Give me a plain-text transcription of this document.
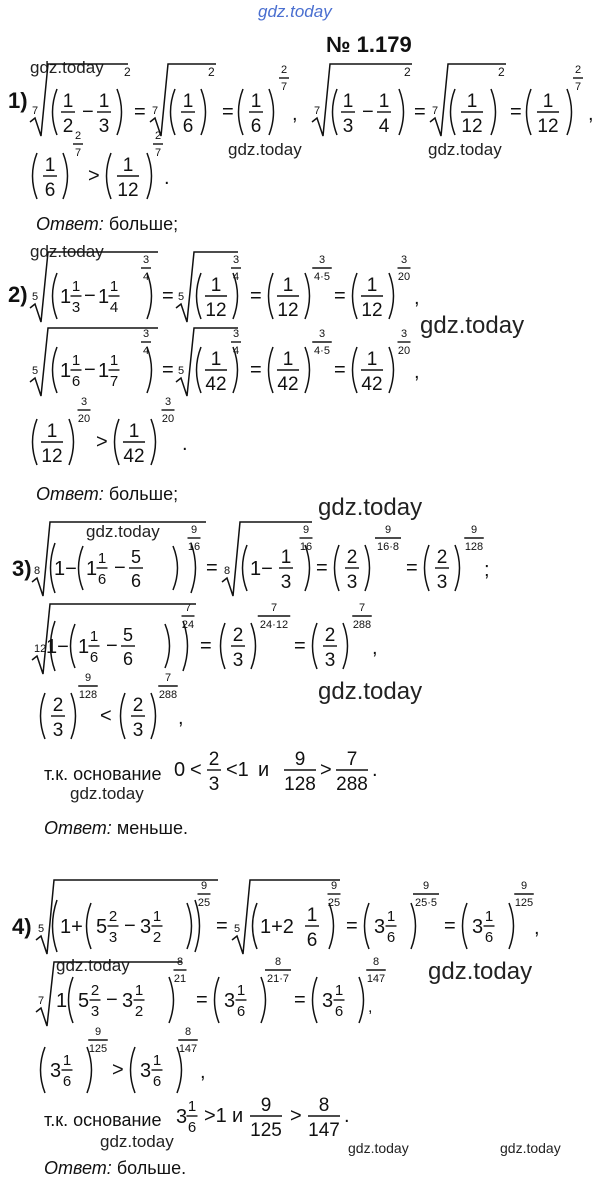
gdz.today
№ 1.179
gdz.today
gdz.today	gdz.today
gdz.today
gdz.today
gdz.today
gdz.today
gdz.today
gdz.today
gdz.today	gdz.today
gdz.today	gdz.today	gdz.today
1)
2)
3)
4)
Ответ: больше;
Ответ: больше;
Ответ: меньше.
Ответ: больше.
т.к. основание
т.к. основание
7 1
2
− 1
3
2
= 7 1
6
2
= 1
6
2
7
, 7 1
3
− 1
4
2
= 7 1
12
2
= 1
12
2
7
,
1
6
2
7
> 1
12
2
7
.
5 1 1
3
− 1 1
4
3
4
= 5
1
12
3
4
= 1
12
3
4·5
= 1
12
3
20
,
5 1 1
6
− 1 1
7
3
4
= 5
1
42
3
4
= 1
42
3
4·5
= 1
42
3
20
,
1
12
3
20
> 1
42
3
20
.
8 1− 1 1
6
− 5
6
9
16
= 8 1−
1
3
9
16
= 2
3
9
16·8
= 2
3
9
128
;
12 1− 1 1
6
− 5
6
7
24
= 2
3
7
24·12
= 2
3
7
288
,
2
3
9
128
< 2
3
7
288
,
0 < 2
3
<1 и 9
128
> 7
288
.
5 1+ 5 2
3
− 3 1
2
9
25
= 5 1+2
1
6
9
25
= 3 1
6
9
25·5
= 3 1
6
9
125
,
7 1 5 2
3
− 3 1
2
8
21
= 3 1
6
8
21·7
= 3 1
6
8
147
,
3 1
6
9
125
> 3 1
6
8
147
,
3 1
6
>1 и 9
125
> 8
147
.
